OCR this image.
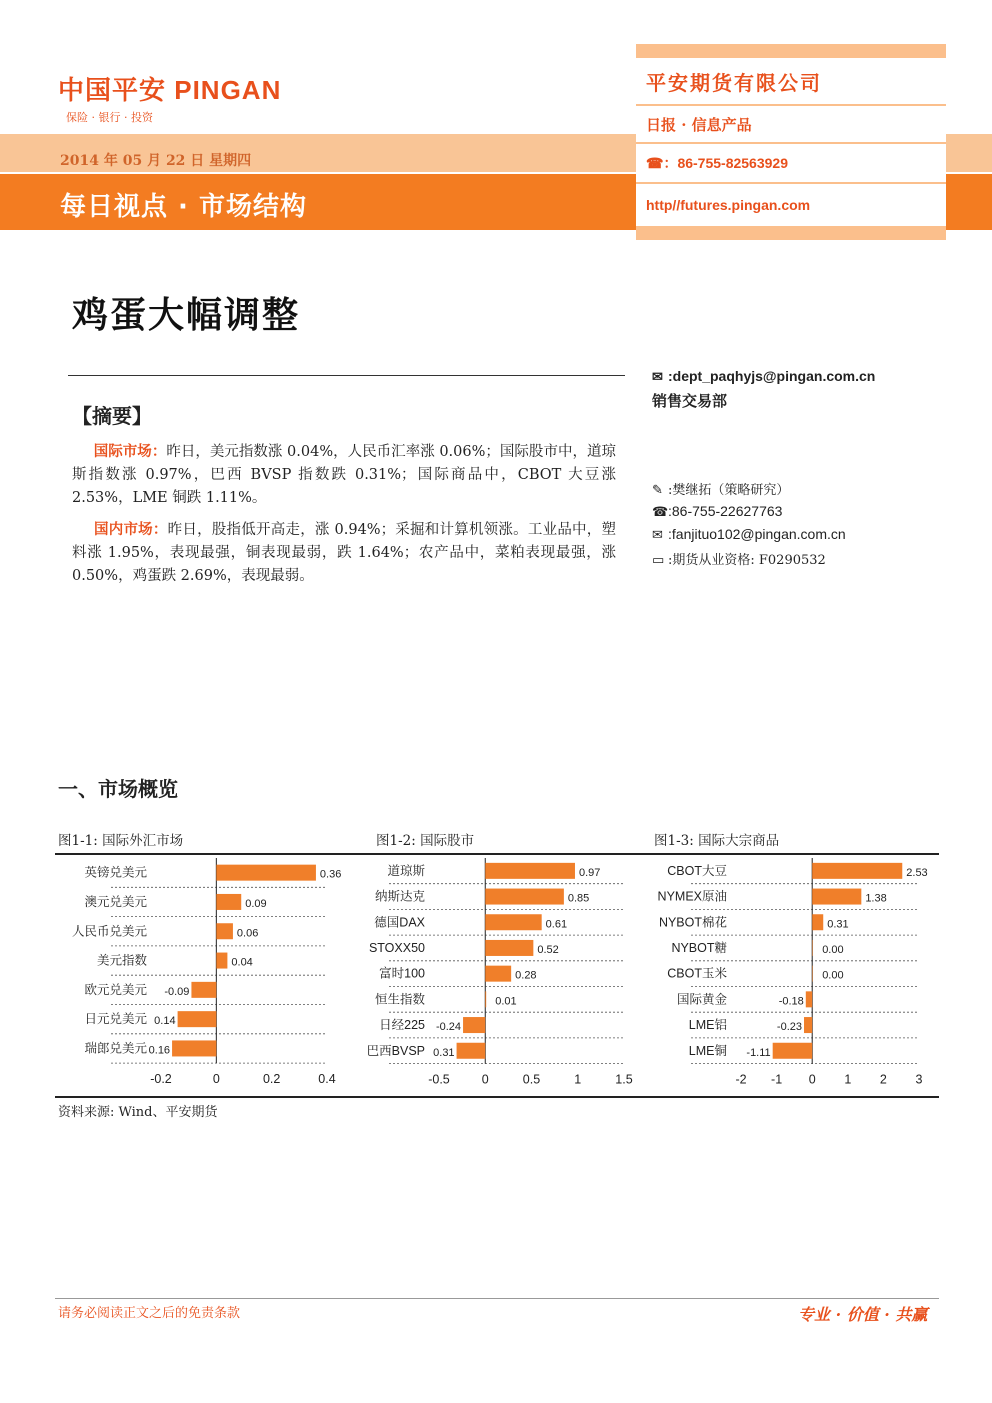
中国平安 PINGAN
保险 · 银行 · 投资
2014 年 05 月 22 日 星期四
每日视点 · 市场结构
平安期货有限公司
日报 · 信息产品
☎：86-755-82563929
http//futures.pingan.com
鸡蛋大幅调整
✉ :dept_paqhyjs@pingan.com.cn
销售交易部
✎ :樊继拓（策略研究）
☎:86-755-22627763
✉ :fanjituo102@pingan.com.cn
▭ :期货从业资格: F0290532
【摘要】
  国际市场：昨日，美元指数涨 0.04%，人民币汇率涨 0.06%；国际股市中，道琼斯指数涨 0.97%，巴西 BVSP 指数跌 0.31%；国际商品中，CBOT 大豆涨 2.53%，LME 铜跌 1.11%。
  国内市场：昨日，股指低开高走，涨 0.94%；采掘和计算机领涨。工业品中，塑料涨 1.95%，表现最强，铜表现最弱，跌 1.64%；农产品中，菜粕表现最强，涨 0.50%，鸡蛋跌 2.69%，表现最弱。
一、市场概览
图1-1: 国际外汇市场	图1-2: 国际股市	图1-3: 国际大宗商品
英镑兑美元	0.36
澳元兑美元	0.09
人民币兑美元	0.06
美元指数	0.04
欧元兑美元 -0.09
日元兑美元 0.14
瑞郎兑美元 0.16
-0.2	0	0.2	0.4
道琼斯	0.97
纳斯达克	0.85
德国DAX	0.61
STOXX50	0.52
富时100	0.28
恒生指数	0.01
日经225 -0.24
巴西BVSP 0.31
-0.5	0	0.5	1	1.5
CBOT大豆	2.53
NYMEX原油	1.38
NYBOT棉花	0.31
NYBOT糖	0.00
CBOT玉米	0.00
国际黄金	-0.18
LME铝	-0.23
LME铜 -1.11
-2 -1 0 1 2 3
资料来源: Wind、平安期货
请务必阅读正文之后的免责条款	专业 · 价值 · 共赢
